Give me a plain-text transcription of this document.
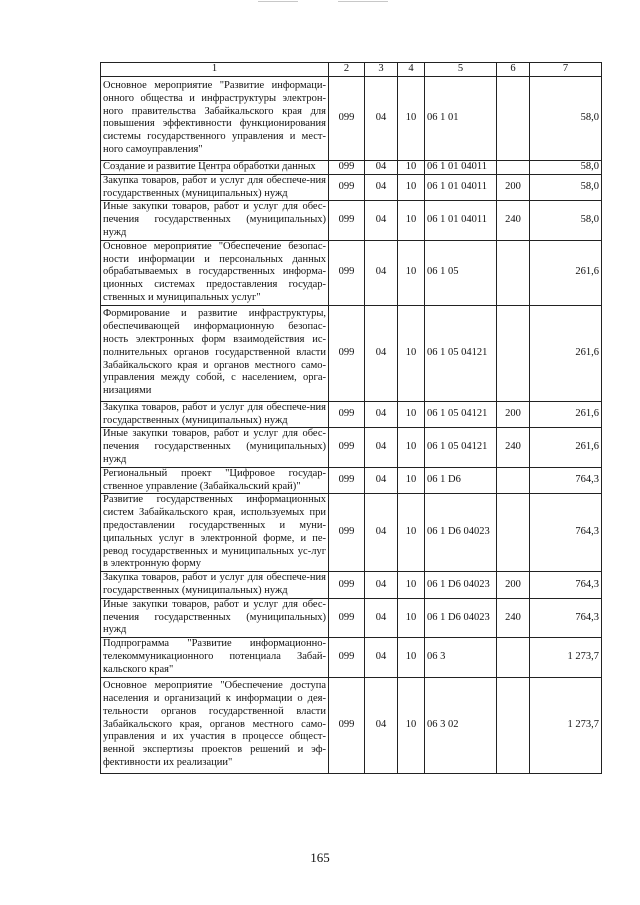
1	2	3	4	5	6	7
Основное мероприятие "Развитие информаци-онного общества и инфраструктуры электрон-ного правительства Забайкальского края для повышения эффективности функционирования системы государственного управления и мест-ного самоуправления"	099	04	10	06 1 01		58,0
Создание и развитие Центра обработки данных	099	04	10	06 1 01 04011		58,0
Закупка товаров, работ и услуг для обеспече-ния государственных (муниципальных) нужд	099	04	10	06 1 01 04011	200	58,0
Иные закупки товаров, работ и услуг для обес-печения государственных (муниципальных) нужд	099	04	10	06 1 01 04011	240	58,0
Основное мероприятие "Обеспечение безопас-ности информации и персональных данных обрабатываемых в государственных информа-ционных системах предоставления государ-ственных и муниципальных услуг"	099	04	10	06 1 05		261,6
Формирование и развитие инфраструктуры, обеспечивающей информационную безопас-ность электронных форм взаимодействия ис-полнительных органов государственной власти Забайкальского края и органов местного само-управления между собой, с населением, орга-низациями	099	04	10	06 1 05 04121		261,6
Закупка товаров, работ и услуг для обеспече-ния государственных (муниципальных) нужд	099	04	10	06 1 05 04121	200	261,6
Иные закупки товаров, работ и услуг для обес-печения государственных (муниципальных) нужд	099	04	10	06 1 05 04121	240	261,6
Региональный проект "Цифровое государ-ственное управление (Забайкальский край)"	099	04	10	06 1 D6		764,3
Развитие государственных информационных систем Забайкальского края, используемых при предоставлении государственных и муни-ципальных услуг в электронной форме, и пе-ревод государственных и муниципальных ус-луг в электронную форму	099	04	10	06 1 D6 04023		764,3
Закупка товаров, работ и услуг для обеспече-ния государственных (муниципальных) нужд	099	04	10	06 1 D6 04023	200	764,3
Иные закупки товаров, работ и услуг для обес-печения государственных (муниципальных) нужд	099	04	10	06 1 D6 04023	240	764,3
Подпрограмма "Развитие информационно-телекоммуникационного потенциала Забай-кальского края"	099	04	10	06 3		1 273,7
Основное мероприятие "Обеспечение доступа населения и организаций к информации о дея-тельности органов государственной власти Забайкальского края, органов местного само-управления и их участия в процессе общест-венной экспертизы проектов решений и эф-фективности их реализации"	099	04	10	06 3 02		1 273,7
165
